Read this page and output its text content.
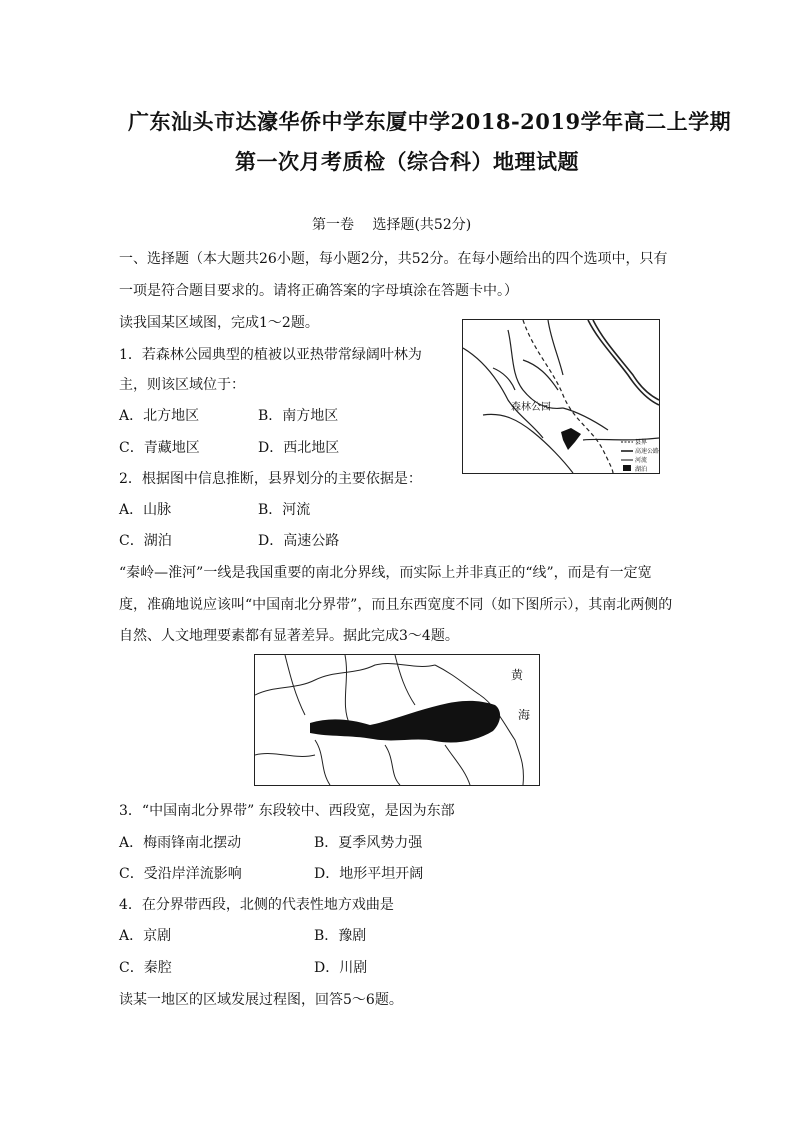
广东汕头市达濠华侨中学东厦中学2018-2019学年高二上学期
第一次月考质检（综合科）地理试题
第一卷　 选择题(共52分)
一、选择题（本大题共26小题，每小题2分，共52分。在每小题给出的四个选项中，只有
一项是符合题目要求的。请将正确答案的字母填涂在答题卡中。）
读我国某区域图，完成1～2题。
1．若森林公园典型的植被以亚热带常绿阔叶林为
主，则该区域位于：
A．北方地区	B．南方地区
C．青藏地区	D．西北地区
2．根据图中信息推断，县界划分的主要依据是：
A．山脉	B．河流
C．湖泊	D．高速公路
森林公园
县界
高速公路
河流
湖泊
“秦岭—淮河”一线是我国重要的南北分界线，而实际上并非真正的“线”，而是有一定宽
度，准确地说应该叫“中国南北分界带”，而且东西宽度不同（如下图所示），其南北两侧的
自然、人文地理要素都有显著差异。据此完成3～4题。
黄
海
3．“中国南北分界带” 东段较中、西段宽，是因为东部
A．梅雨锋南北摆动	B．夏季风势力强
C．受沿岸洋流影响	D．地形平坦开阔
4．在分界带西段，北侧的代表性地方戏曲是
A．京剧	B．豫剧
C．秦腔	D．川剧
读某一地区的区域发展过程图，回答5～6题。
